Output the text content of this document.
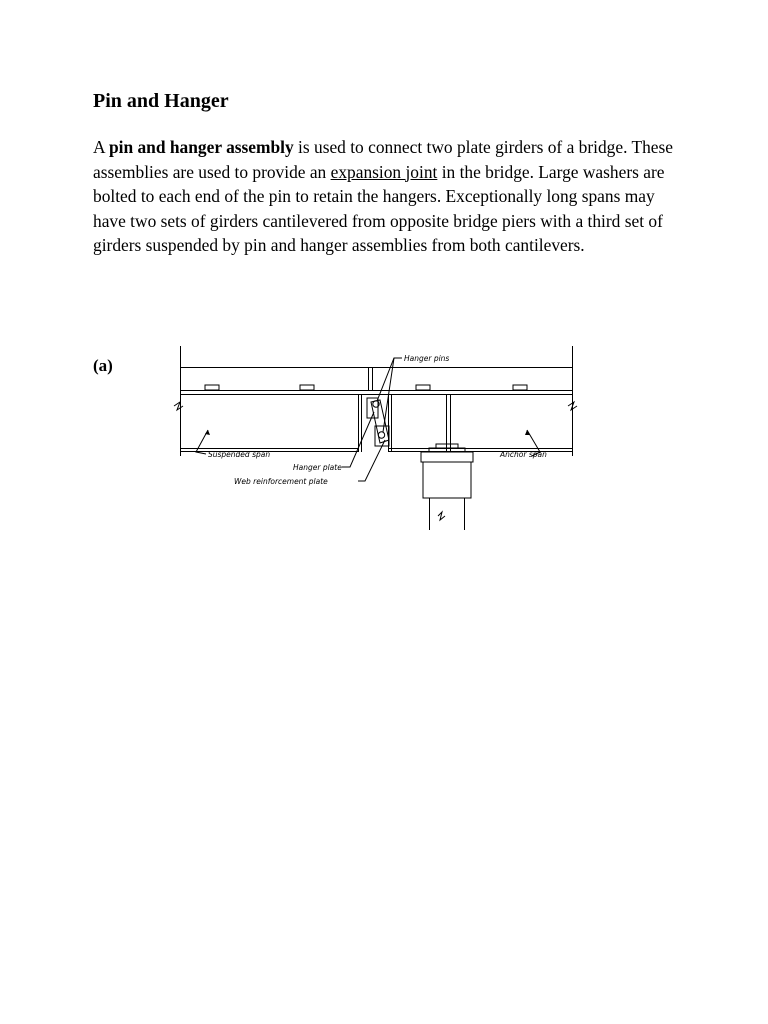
Pin and Hanger

A pin and hanger assembly is used to connect two plate girders of a bridge. These assemblies are used to provide an expansion joint in the bridge. Large washers are bolted to each end of the pin to retain the hangers. Exceptionally long spans may have two sets of girders cantilevered from opposite bridge piers with a third set of girders suspended by pin and hanger assemblies from both cantilevers.

(a)	Hanger pins
Suspended span	Anchor span
Hanger plate
Web reinforcement plate
